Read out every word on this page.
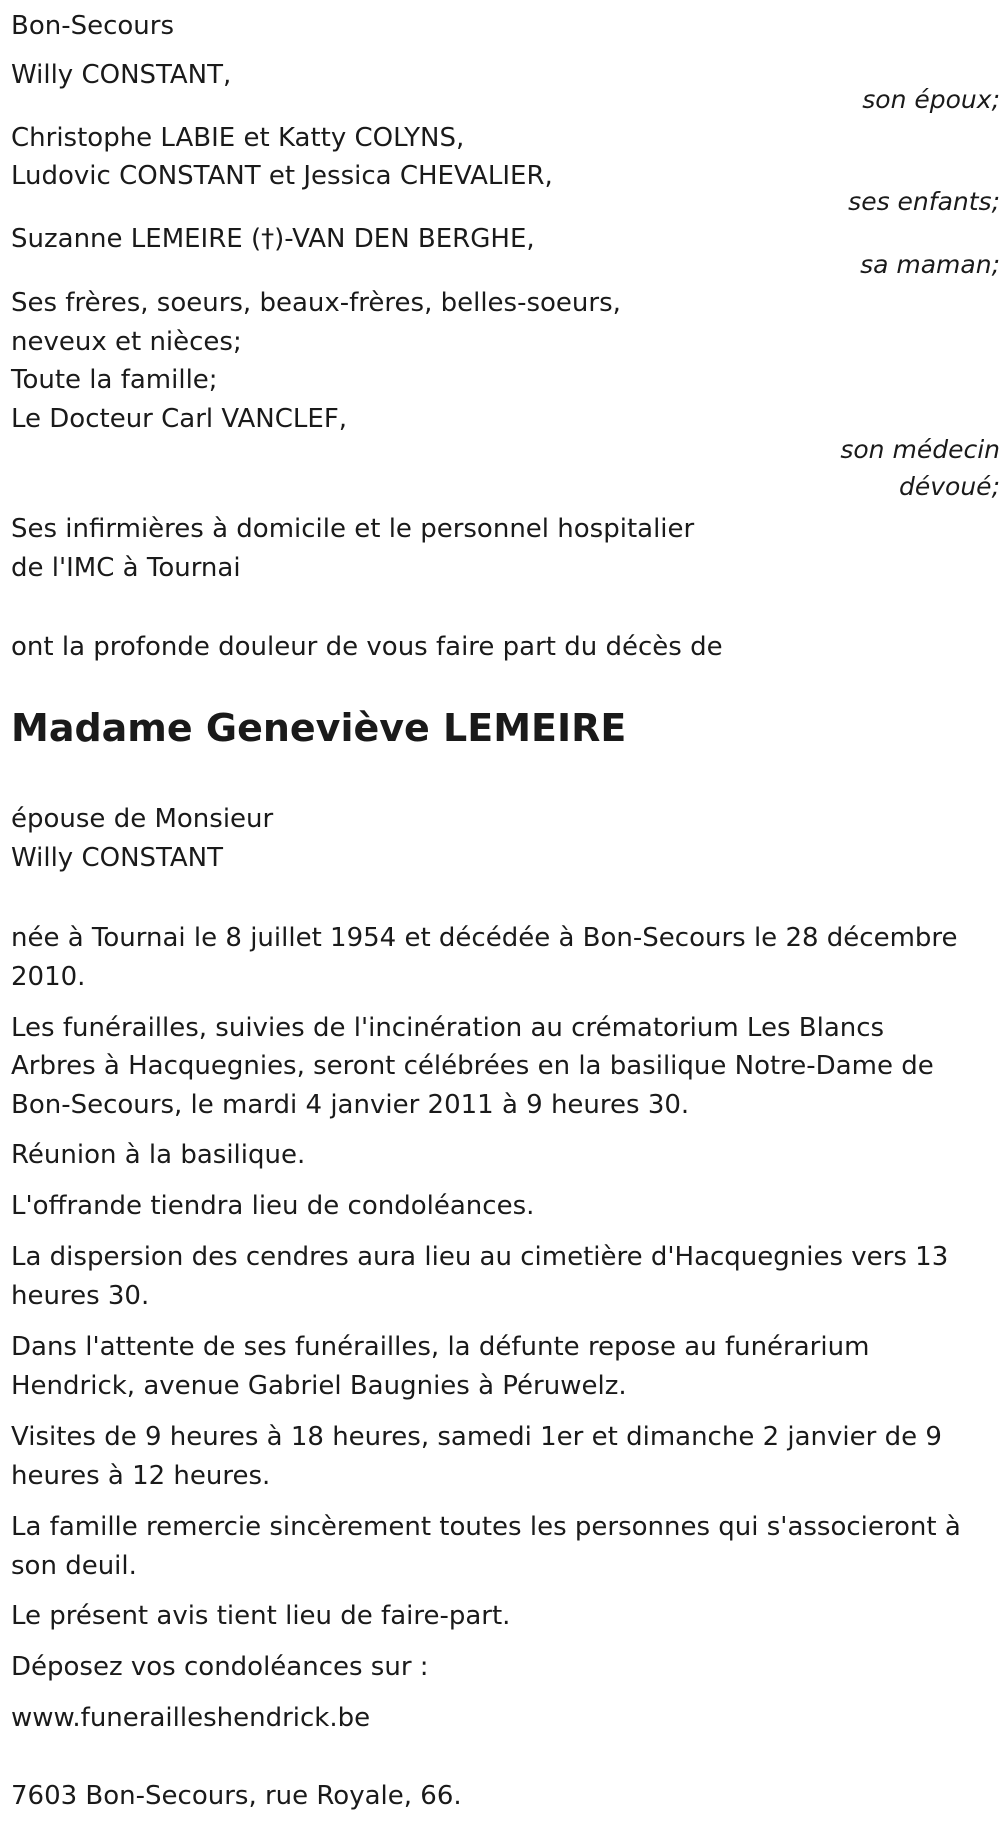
Bon-Secours
Willy CONSTANT,
son époux;
Christophe LABIE et Katty COLYNS,
Ludovic CONSTANT et Jessica CHEVALIER,
ses enfants;
Suzanne LEMEIRE (†)-VAN DEN BERGHE,
sa maman;
Ses frères, soeurs, beaux-frères, belles-soeurs,
neveux et nièces;
Toute la famille;
Le Docteur Carl VANCLEF,
son médecin
dévoué;
Ses infirmières à domicile et le personnel hospitalier
de l'IMC à Tournai
ont la profonde douleur de vous faire part du décès de
Madame Geneviève LEMEIRE
épouse de Monsieur
Willy CONSTANT
née à Tournai le 8 juillet 1954 et décédée à Bon-Secours le 28 décembre
2010.
Les funérailles, suivies de l'incinération au crématorium Les Blancs
Arbres à Hacquegnies, seront célébrées en la basilique Notre-Dame de
Bon-Secours, le mardi 4 janvier 2011 à 9 heures 30.
Réunion à la basilique.
L'offrande tiendra lieu de condoléances.
La dispersion des cendres aura lieu au cimetière d'Hacquegnies vers 13
heures 30.
Dans l'attente de ses funérailles, la défunte repose au funérarium
Hendrick, avenue Gabriel Baugnies à Péruwelz.
Visites de 9 heures à 18 heures, samedi 1er et dimanche 2 janvier de 9
heures à 12 heures.
La famille remercie sincèrement toutes les personnes qui s'associeront à
son deuil.
Le présent avis tient lieu de faire-part.
Déposez vos condoléances sur :
www.funerailleshendrick.be
7603 Bon-Secours, rue Royale, 66.
